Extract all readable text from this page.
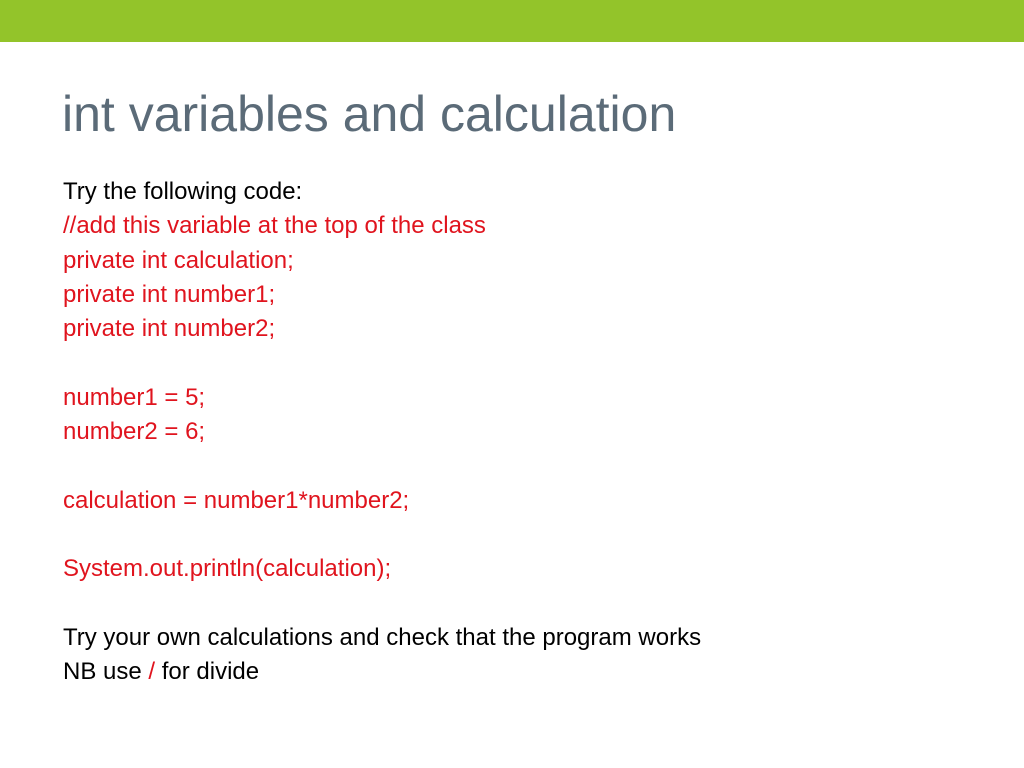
int variables and calculation
Try the following code:
//add this variable at the top of the class
private int calculation;
private int number1;
private int number2;
number1 = 5;
number2 = 6;
calculation = number1*number2;
System.out.println(calculation);
Try your own calculations and check that the program works
NB use / for divide
